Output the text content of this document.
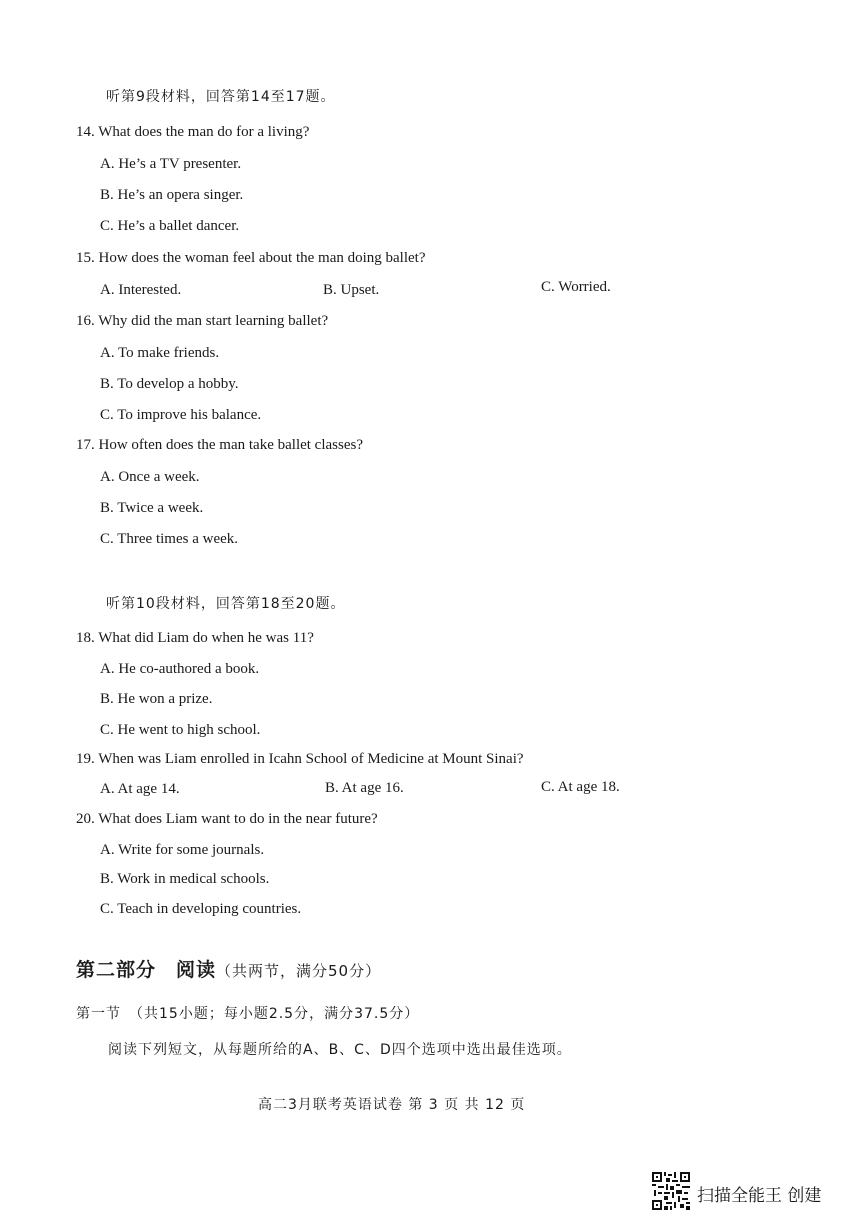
听第9段材料，回答第14至17题。
14. What does the man do for a living?
A. He’s a TV presenter.
B. He’s an opera singer.
C. He’s a ballet dancer.
15. How does the woman feel about the man doing ballet?
A. Interested.	B. Upset.	C. Worried.
16. Why did the man start learning ballet?
A. To make friends.
B. To develop a hobby.
C. To improve his balance.
17. How often does the man take ballet classes?
A. Once a week.
B. Twice a week.
C. Three times a week.
听第10段材料，回答第18至20题。
18. What did Liam do when he was 11?
A. He co-authored a book.
B. He won a prize.
C. He went to high school.
19. When was Liam enrolled in Icahn School of Medicine at Mount Sinai?
A. At age 14.	B. At age 16.	C. At age 18.
20. What does Liam want to do in the near future?
A. Write for some journals.
B. Work in medical schools.
C. Teach in developing countries.
第二部分　阅读（共两节，满分50分）
第一节　（共15小题；每小题2.5分，满分37.5分）
阅读下列短文，从每题所给的A、B、C、D四个选项中选出最佳选项。
高二3月联考英语试卷 第 3 页 共 12 页
扫描全能王 创建
